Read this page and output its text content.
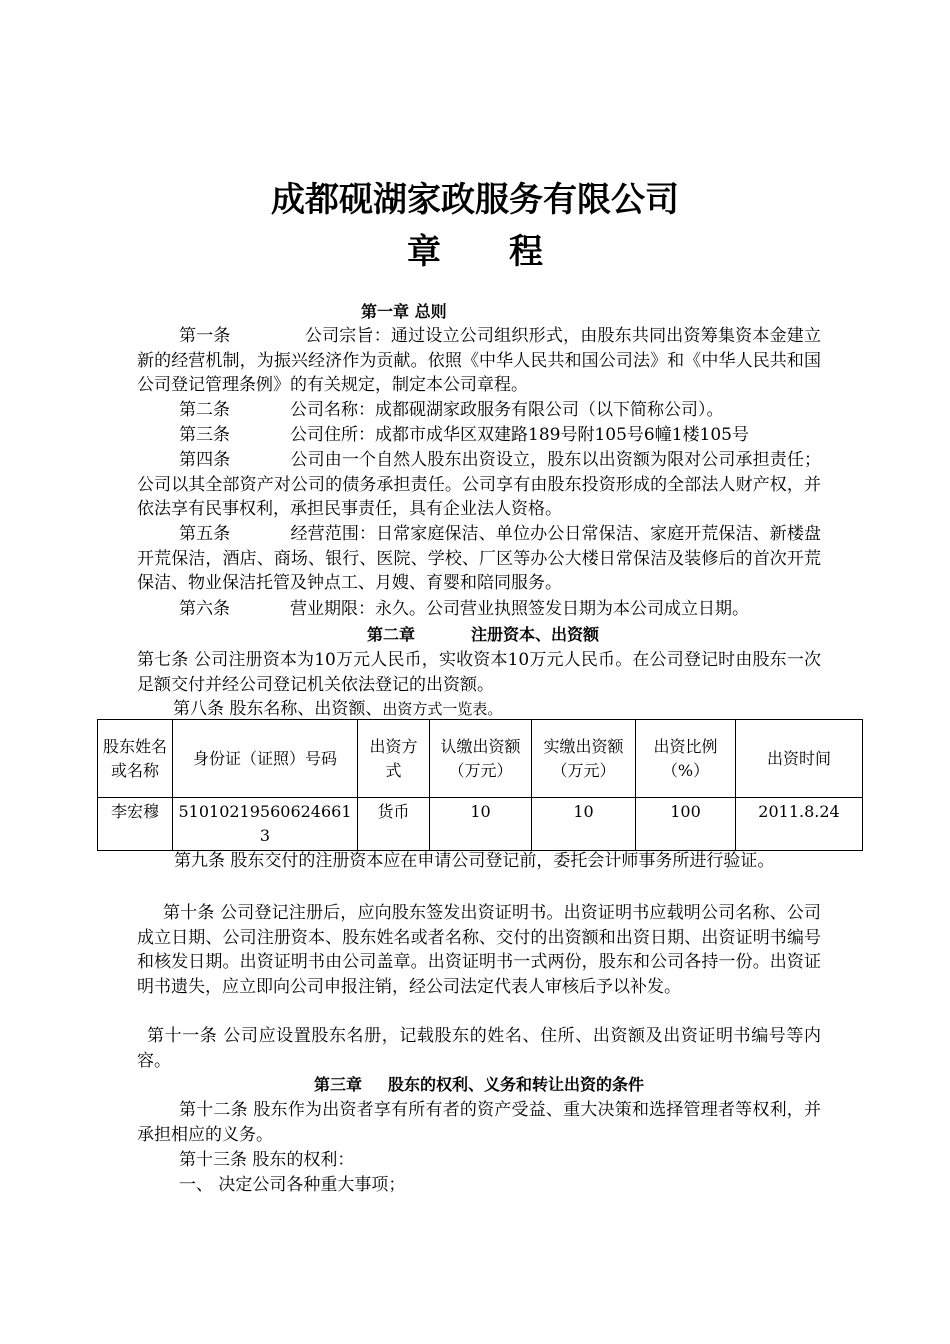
成都砚湖家政服务有限公司
章　　程
第一章 总则
第一条	公司宗旨：通过设立公司组织形式，由股东共同出资筹集资本金建立新的经营机制，为振兴经济作为贡献。依照《中华人民共和国公司法》和《中华人民共和国公司登记管理条例》的有关规定，制定本公司章程。
第二条	公司名称：成都砚湖家政服务有限公司（以下简称公司）。
第三条	公司住所：成都市成华区双建路189号附105号6幢1楼105号
第四条	公司由一个自然人股东出资设立，股东以出资额为限对公司承担责任；公司以其全部资产对公司的债务承担责任。公司享有由股东投资形成的全部法人财产权，并依法享有民事权利，承担民事责任，具有企业法人资格。
第五条	经营范围：日常家庭保洁、单位办公日常保洁、家庭开荒保洁、新楼盘开荒保洁，酒店、商场、银行、医院、学校、厂区等办公大楼日常保洁及装修后的首次开荒保洁、物业保洁托管及钟点工、月嫂、育婴和陪同服务。
第六条	营业期限：永久。公司营业执照签发日期为本公司成立日期。
第二章	注册资本、出资额
第七条 公司注册资本为10万元人民币，实收资本10万元人民币。在公司登记时由股东一次足额交付并经公司登记机关依法登记的出资额。
第八条 股东名称、出资额、出资方式一览表。
股东姓名或名称	身份证（证照）号码	出资方式	认缴出资额（万元）	实缴出资额（万元）	出资比例（%）	出资时间
李宏穆	510102195606246613	货币	10	10	100	2011.8.24
第九条 股东交付的注册资本应在申请公司登记前，委托会计师事务所进行验证。
第十条 公司登记注册后，应向股东签发出资证明书。出资证明书应载明公司名称、公司成立日期、公司注册资本、股东姓名或者名称、交付的出资额和出资日期、出资证明书编号和核发日期。出资证明书由公司盖章。出资证明书一式两份，股东和公司各持一份。出资证明书遗失，应立即向公司申报注销，经公司法定代表人审核后予以补发。
第十一条 公司应设置股东名册，记载股东的姓名、住所、出资额及出资证明书编号等内容。
第三章 股东的权利、义务和转让出资的条件
第十二条 股东作为出资者享有所有者的资产受益、重大决策和选择管理者等权利，并承担相应的义务。
第十三条 股东的权利：
一、 决定公司各种重大事项；
